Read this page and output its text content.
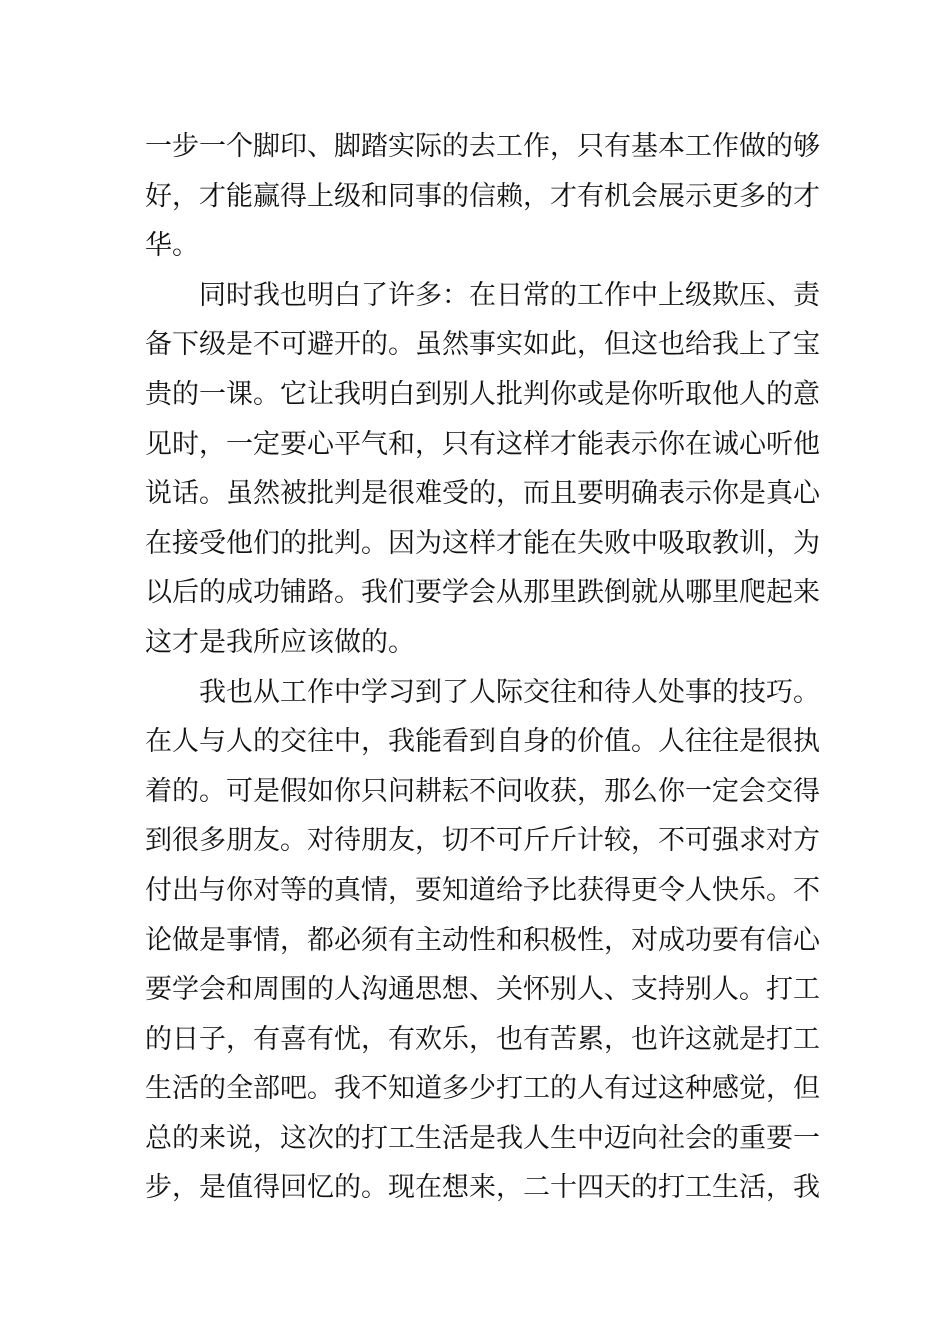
一步一个脚印、脚踏实际的去工作，只有基本工作做的够
好，才能赢得上级和同事的信赖，才有机会展示更多的才
华。
同时我也明白了许多：在日常的工作中上级欺压、责
备下级是不可避开的。虽然事实如此，但这也给我上了宝
贵的一课。它让我明白到别人批判你或是你听取他人的意
见时，一定要心平气和，只有这样才能表示你在诚心听他
说话。虽然被批判是很难受的，而且要明确表示你是真心
在接受他们的批判。因为这样才能在失败中吸取教训，为
以后的成功铺路。我们要学会从那里跌倒就从哪里爬起来
这才是我所应该做的。
我也从工作中学习到了人际交往和待人处事的技巧。
在人与人的交往中，我能看到自身的价值。人往往是很执
着的。可是假如你只问耕耘不问收获，那么你一定会交得
到很多朋友。对待朋友，切不可斤斤计较，不可强求对方
付出与你对等的真情，要知道给予比获得更令人快乐。不
论做是事情，都必须有主动性和积极性，对成功要有信心
要学会和周围的人沟通思想、关怀别人、支持别人。打工
的日子，有喜有忧，有欢乐，也有苦累，也许这就是打工
生活的全部吧。我不知道多少打工的人有过这种感觉，但
总的来说，这次的打工生活是我人生中迈向社会的重要一
步，是值得回忆的。现在想来，二十四天的打工生活，我
